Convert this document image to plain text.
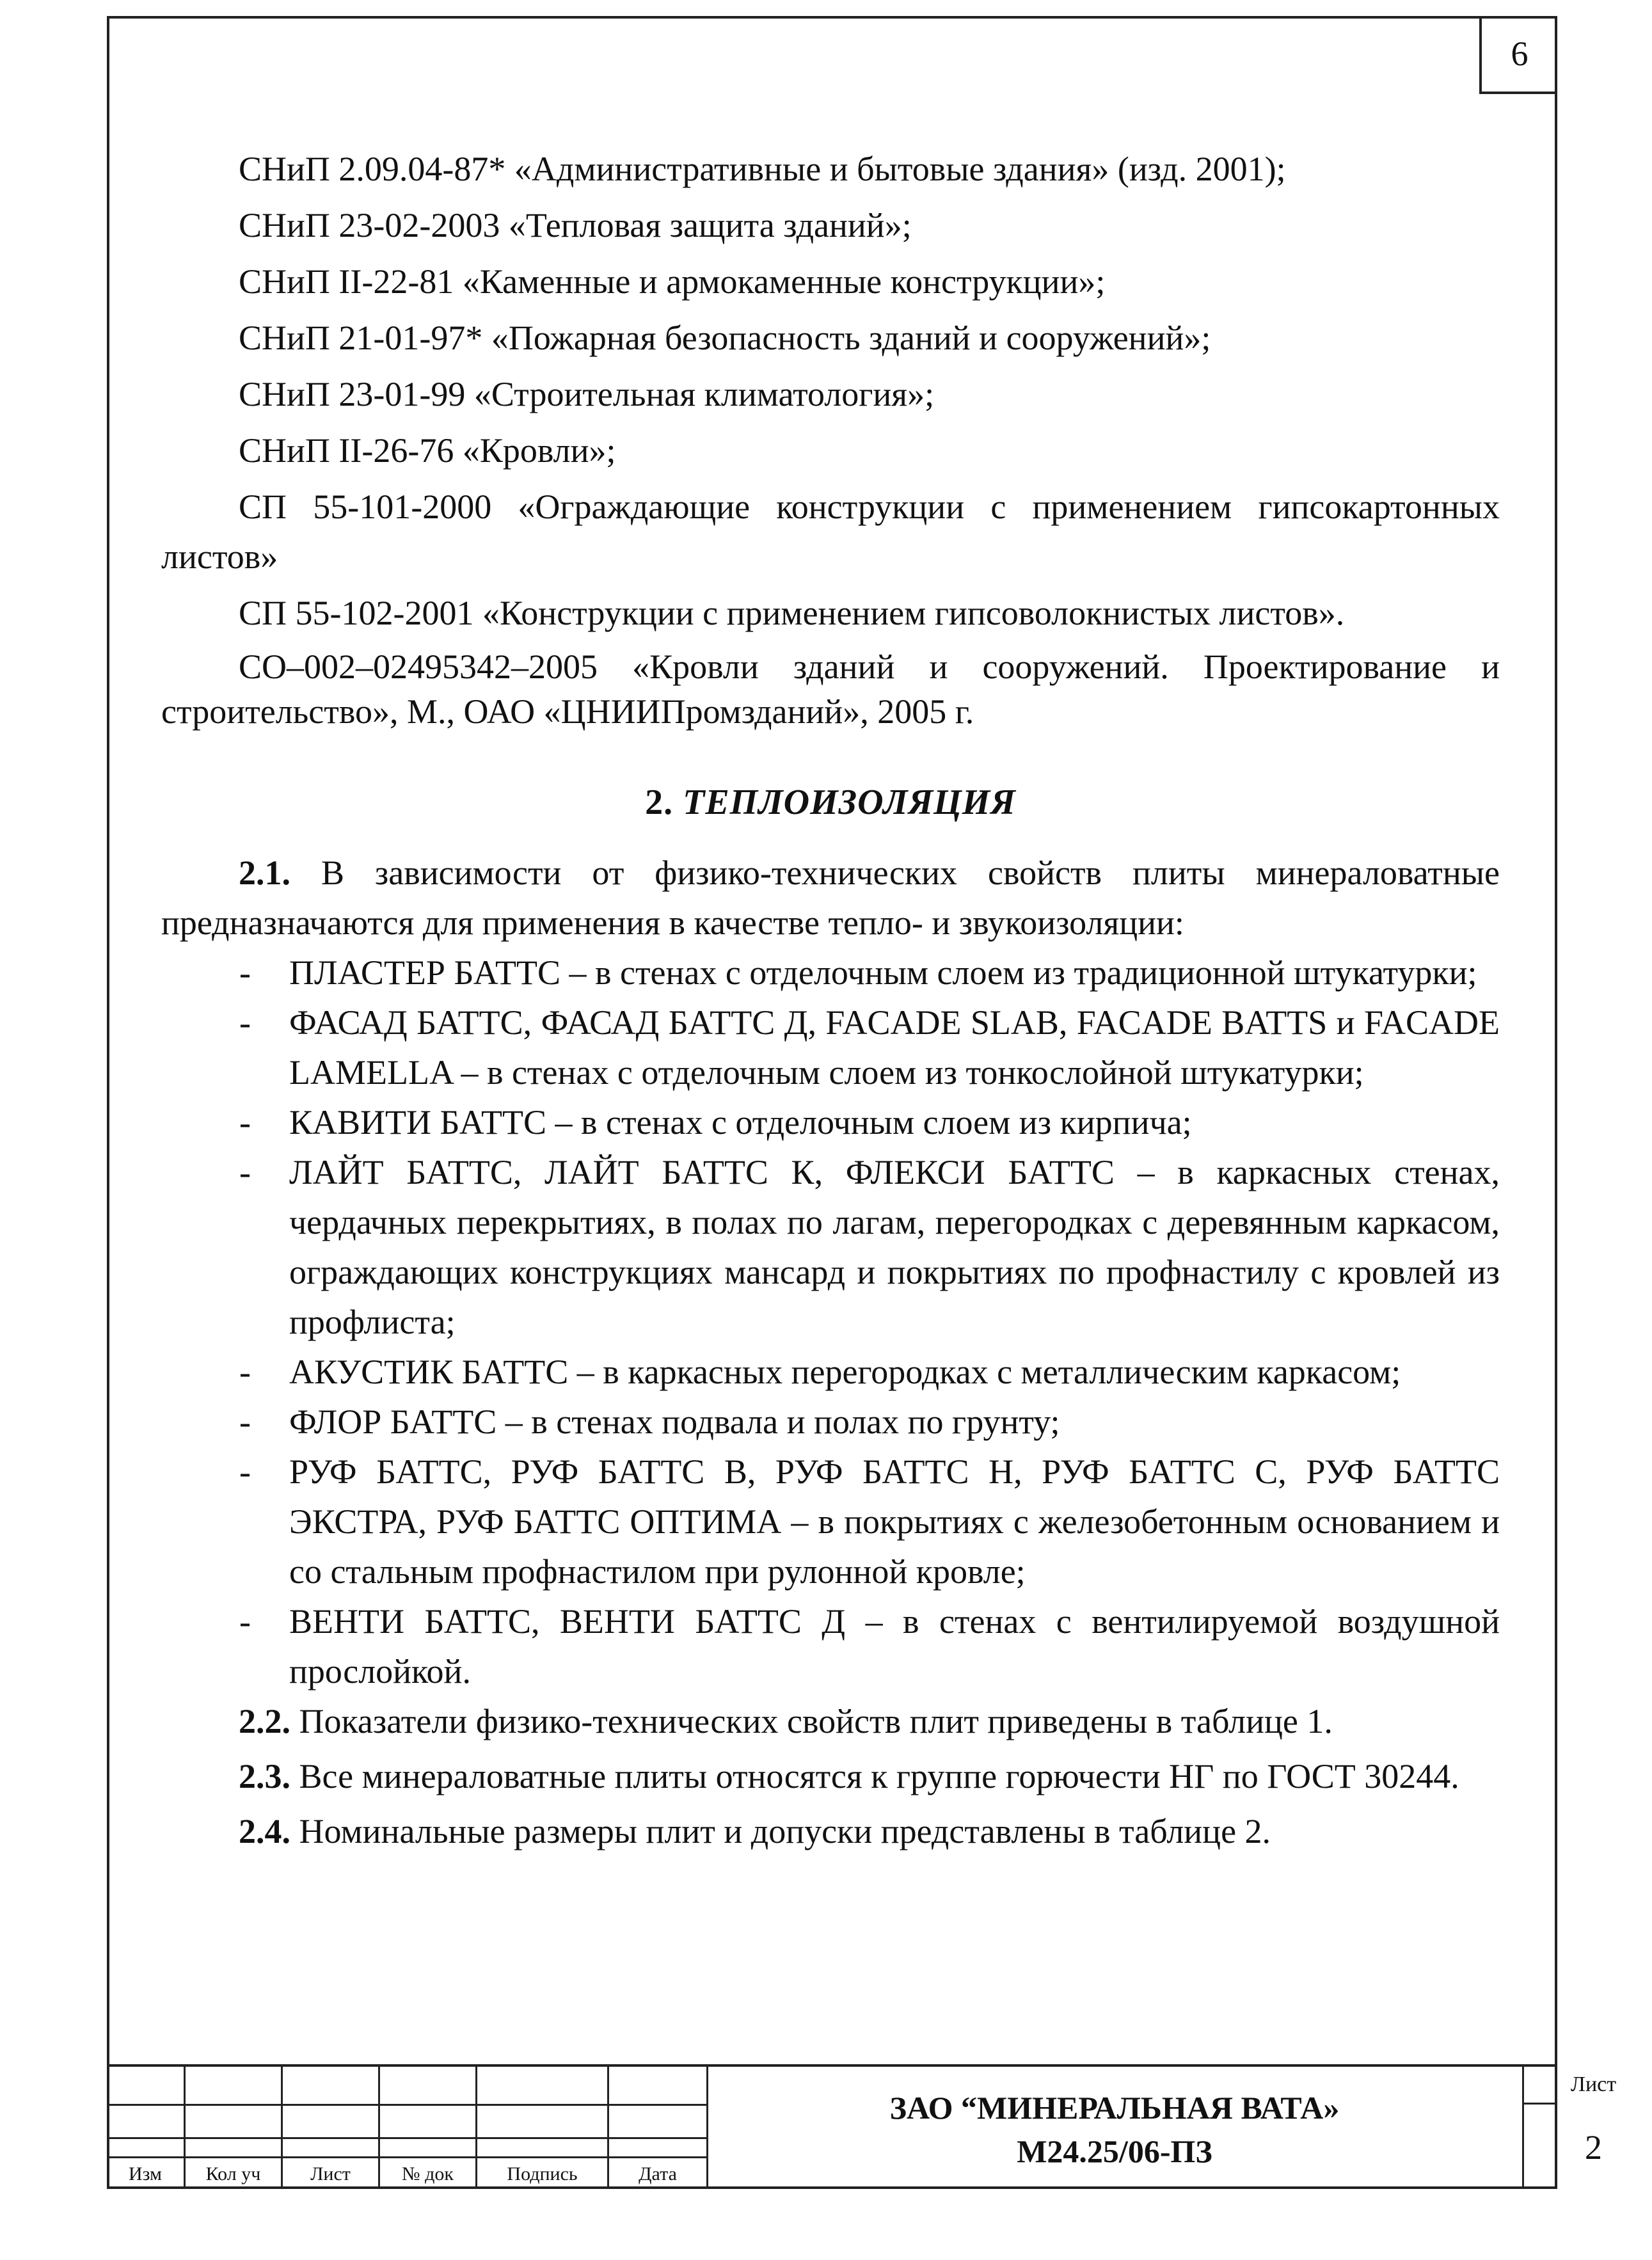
6

СНиП 2.09.04-87* «Административные и бытовые здания» (изд. 2001);

СНиП 23-02-2003 «Тепловая защита зданий»;

СНиП II-22-81 «Каменные и армокаменные конструкции»;

СНиП 21-01-97* «Пожарная безопасность зданий и сооружений»;

СНиП 23-01-99 «Строительная климатология»;

СНиП II-26-76 «Кровли»;

СП 55-101-2000 «Ограждающие конструкции с применением гипсокартонных листов»

СП 55-102-2001 «Конструкции с применением гипсоволокнистых листов».

СО–002–02495342–2005 «Кровли зданий и сооружений. Проектирование и строительство», М., ОАО «ЦНИИПромзданий», 2005 г.

2. ТЕПЛОИЗОЛЯЦИЯ

2.1. В зависимости от физико-технических свойств плиты минераловатные предназначаются для применения в качестве тепло- и звукоизоляции:

- ПЛАСТЕР БАТТС – в стенах с отделочным слоем из традиционной штукатурки;
- ФАСАД БАТТС, ФАСАД БАТТС Д, FACADE SLAB, FACADE BATTS и FACADE LAMELLA – в стенах с отделочным слоем из тонкослойной штукатурки;
- КАВИТИ БАТТС – в стенах с отделочным слоем из кирпича;
- ЛАЙТ БАТТС, ЛАЙТ БАТТС К, ФЛЕКСИ БАТТС – в каркасных стенах, чердачных перекрытиях, в полах по лагам, перегородках с деревянным каркасом, ограждающих конструкциях мансард и покрытиях по профнастилу с кровлей из профлиста;
- АКУСТИК БАТТС – в каркасных перегородках с металлическим каркасом;
- ФЛОР БАТТС – в стенах подвала и полах по грунту;
- РУФ БАТТС, РУФ БАТТС В, РУФ БАТТС Н, РУФ БАТТС С, РУФ БАТТС ЭКСТРА, РУФ БАТТС ОПТИМА – в покрытиях с железобетонным основанием и со стальным профнастилом при рулонной кровле;
- ВЕНТИ БАТТС, ВЕНТИ БАТТС Д – в стенах с вентилируемой воздушной прослойкой.

2.2. Показатели физико-технических свойств плит приведены в таблице 1.

2.3. Все минераловатные плиты относятся к группе горючести НГ по ГОСТ 30244.

2.4. Номинальные размеры плит и допуски представлены в таблице 2.

Изм	Кол уч	Лист	№ док	Подпись	Дата
ЗАО “МИНЕРАЛЬНАЯ ВАТА»
М24.25/06-ПЗ
Лист
2
